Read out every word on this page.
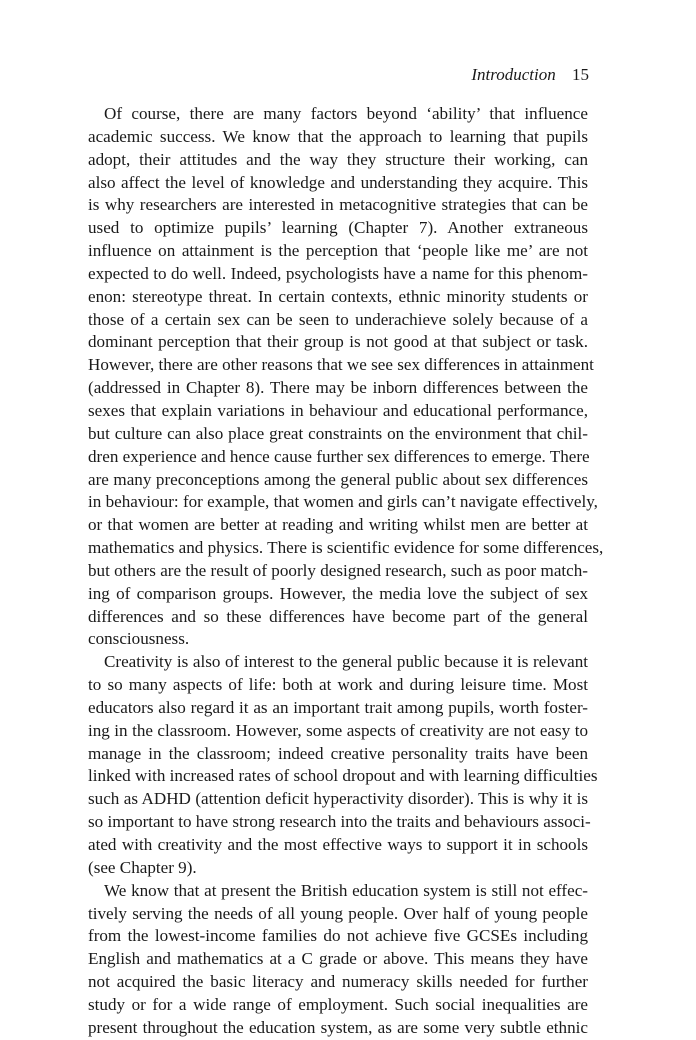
Introduction 15
Of course, there are many factors beyond ‘ability’ that influence
academic success. We know that the approach to learning that pupils
adopt, their attitudes and the way they structure their working, can
also affect the level of knowledge and understanding they acquire. This
is why researchers are interested in metacognitive strategies that can be
used to optimize pupils’ learning (Chapter 7). Another extraneous
influence on attainment is the perception that ‘people like me’ are not
expected to do well. Indeed, psychologists have a name for this phenom-
enon: stereotype threat. In certain contexts, ethnic minority students or
those of a certain sex can be seen to underachieve solely because of a
dominant perception that their group is not good at that subject or task.
However, there are other reasons that we see sex differences in attainment
(addressed in Chapter 8). There may be inborn differences between the
sexes that explain variations in behaviour and educational performance,
but culture can also place great constraints on the environment that chil-
dren experience and hence cause further sex differences to emerge. There
are many preconceptions among the general public about sex differences
in behaviour: for example, that women and girls can’t navigate effectively,
or that women are better at reading and writing whilst men are better at
mathematics and physics. There is scientific evidence for some differences,
but others are the result of poorly designed research, such as poor match-
ing of comparison groups. However, the media love the subject of sex
differences and so these differences have become part of the general
consciousness.
Creativity is also of interest to the general public because it is relevant
to so many aspects of life: both at work and during leisure time. Most
educators also regard it as an important trait among pupils, worth foster-
ing in the classroom. However, some aspects of creativity are not easy to
manage in the classroom; indeed creative personality traits have been
linked with increased rates of school dropout and with learning difficulties
such as ADHD (attention deficit hyperactivity disorder). This is why it is
so important to have strong research into the traits and behaviours associ-
ated with creativity and the most effective ways to support it in schools
(see Chapter 9).
We know that at present the British education system is still not effec-
tively serving the needs of all young people. Over half of young people
from the lowest-income families do not achieve five GCSEs including
English and mathematics at a C grade or above. This means they have
not acquired the basic literacy and numeracy skills needed for further
study or for a wide range of employment. Such social inequalities are
present throughout the education system, as are some very subtle ethnic
